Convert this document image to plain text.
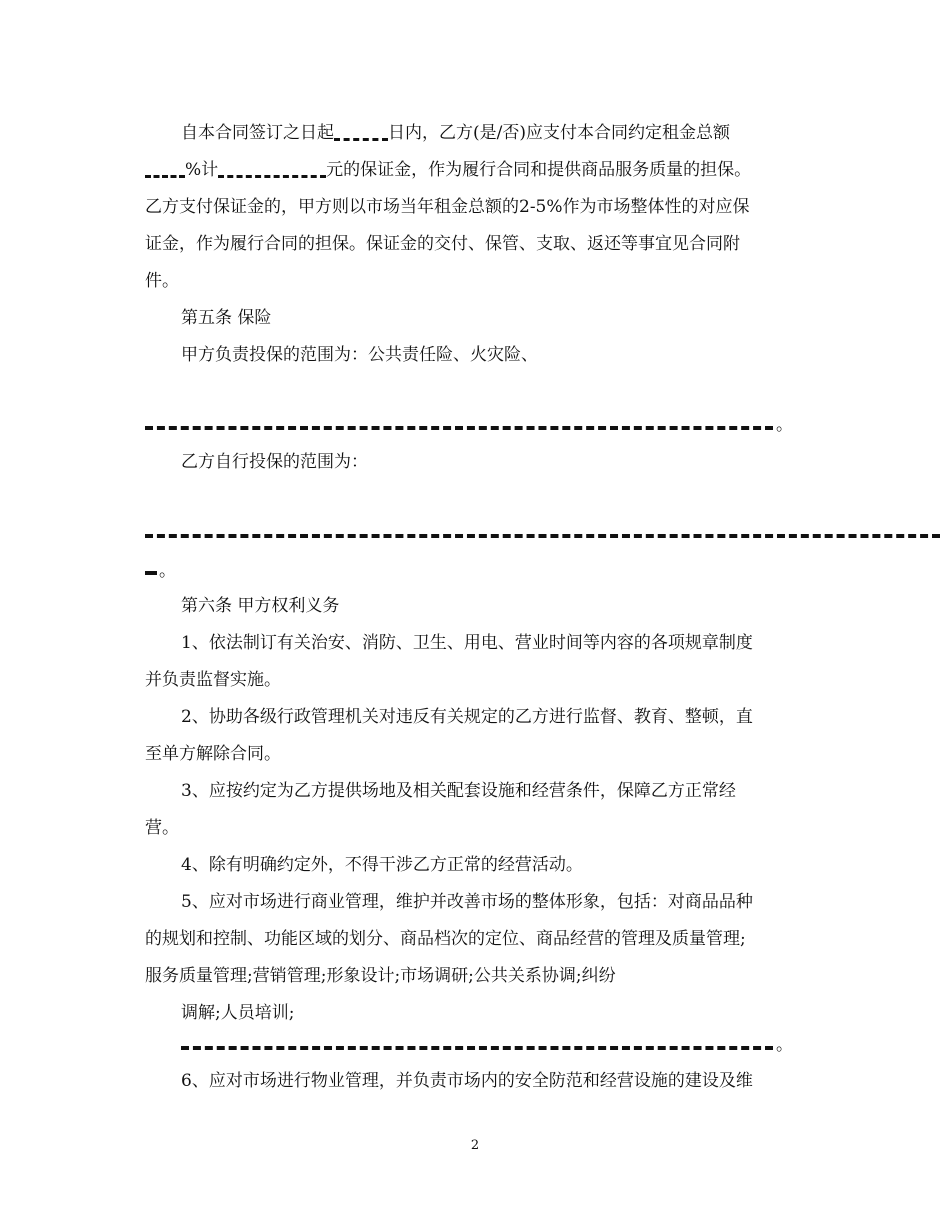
自本合同签订之日起	日内，乙方(是/否)应支付本合同约定租金总额
%计	元的保证金，作为履行合同和提供商品服务质量的担保。
乙方支付保证金的，甲方则以市场当年租金总额的2-5%作为市场整体性的对应保
证金，作为履行合同的担保。保证金的交付、保管、支取、返还等事宜见合同附
件。
第五条 保险
甲方负责投保的范围为：公共责任险、火灾险、
。
乙方自行投保的范围为：
。
第六条 甲方权利义务
1、依法制订有关治安、消防、卫生、用电、营业时间等内容的各项规章制度
并负责监督实施。
2、协助各级行政管理机关对违反有关规定的乙方进行监督、教育、整顿，直
至单方解除合同。
3、应按约定为乙方提供场地及相关配套设施和经营条件，保障乙方正常经
营。
4、除有明确约定外，不得干涉乙方正常的经营活动。
5、应对市场进行商业管理，维护并改善市场的整体形象，包括：对商品品种
的规划和控制、功能区域的划分、商品档次的定位、商品经营的管理及质量管理;
服务质量管理;营销管理;形象设计;市场调研;公共关系协调;纠纷
调解;人员培训;
。
6、应对市场进行物业管理，并负责市场内的安全防范和经营设施的建设及维
2
